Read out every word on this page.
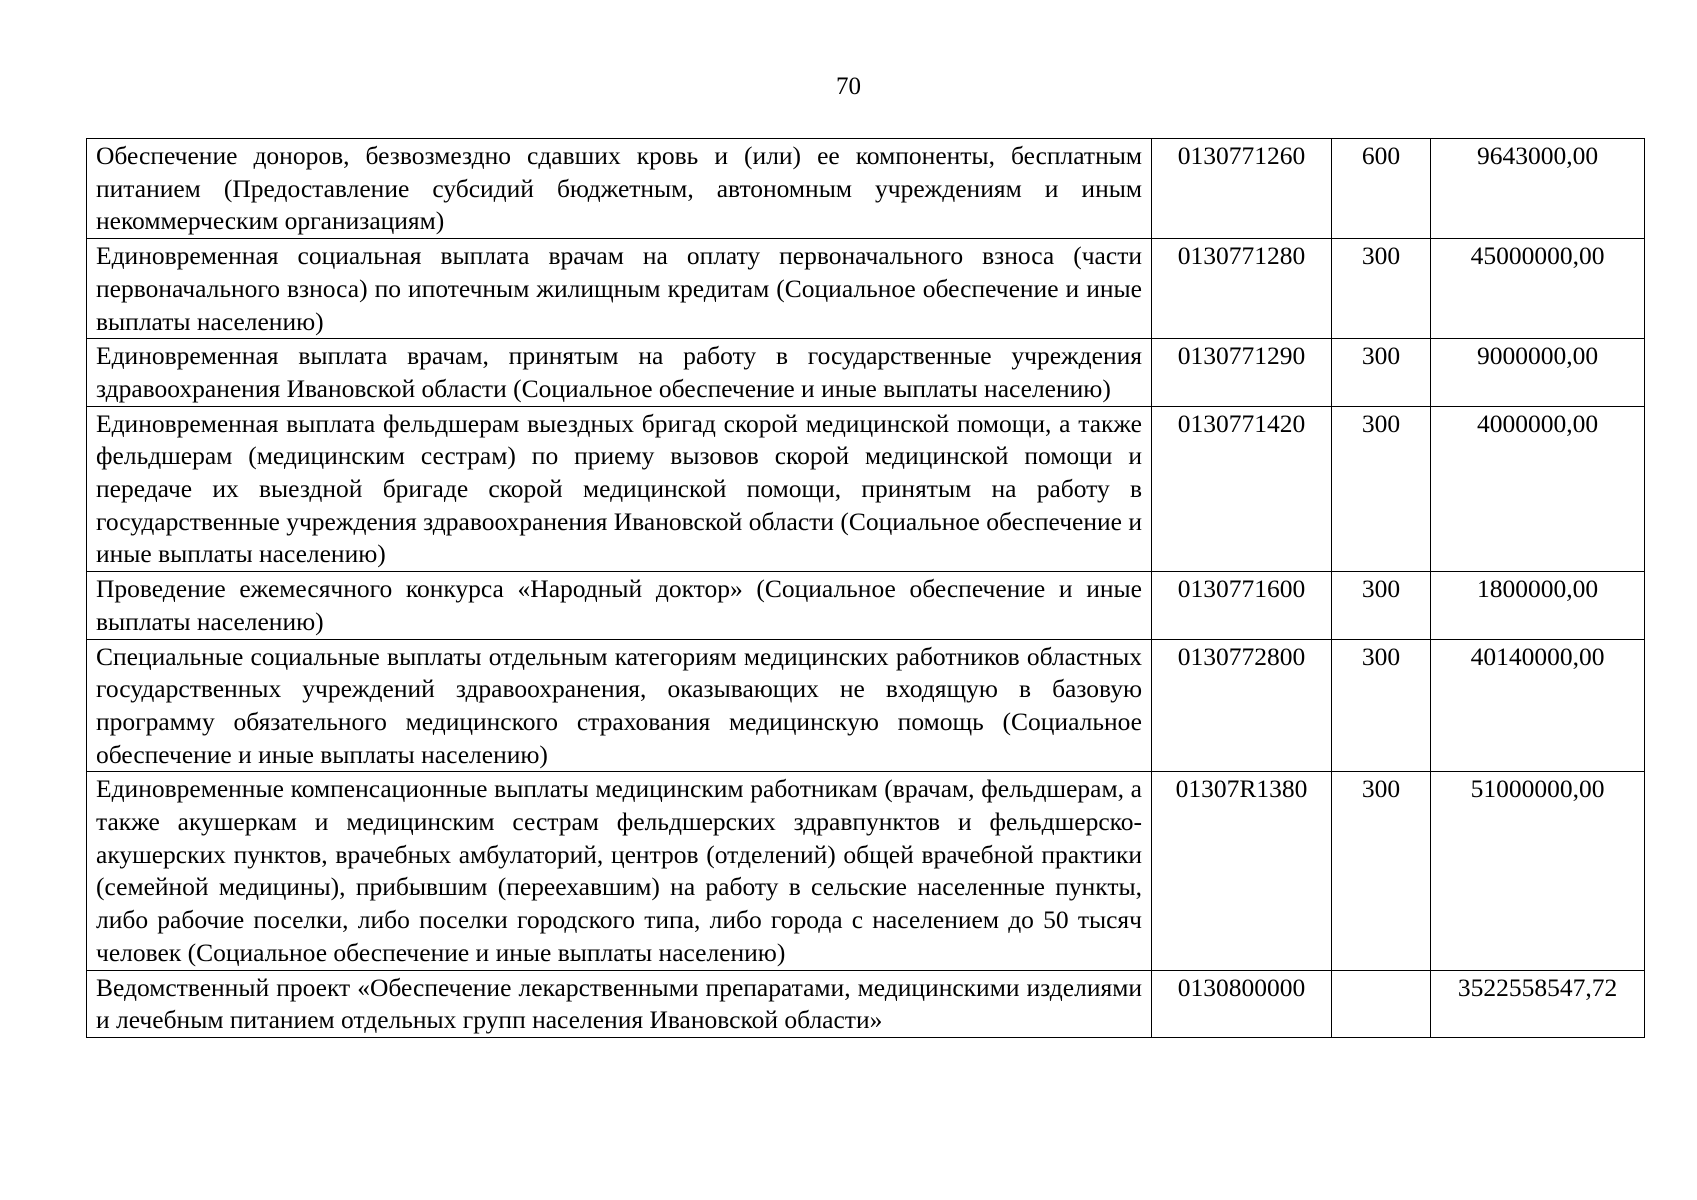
70
Обеспечение доноров, безвозмездно сдавших кровь и (или) ее компоненты, бесплатным питанием (Предоставление субсидий бюджетным, автономным учреждениям и иным некоммерческим организациям)	0130771260	600	9643000,00
Единовременная социальная выплата врачам на оплату первоначального взноса (части первоначального взноса) по ипотечным жилищным кредитам (Социальное обеспечение и иные выплаты населению)	0130771280	300	45000000,00
Единовременная выплата врачам, принятым на работу в государственные учреждения здравоохранения Ивановской области (Социальное обеспечение и иные выплаты населению)	0130771290	300	9000000,00
Единовременная выплата фельдшерам выездных бригад скорой медицинской помощи, а также фельдшерам (медицинским сестрам) по приему вызовов скорой медицинской помощи и передаче их выездной бригаде скорой медицинской помощи, принятым на работу в государственные учреждения здравоохранения Ивановской области (Социальное обеспечение и иные выплаты населению)	0130771420	300	4000000,00
Проведение ежемесячного конкурса «Народный доктор» (Социальное обеспечение и иные выплаты населению)	0130771600	300	1800000,00
Специальные социальные выплаты отдельным категориям медицинских работников областных государственных учреждений здравоохранения, оказывающих не входящую в базовую программу обязательного медицинского страхования медицинскую помощь (Социальное обеспечение и иные выплаты населению)	0130772800	300	40140000,00
Единовременные компенсационные выплаты медицинским работникам (врачам, фельдшерам, а также акушеркам и медицинским сестрам фельдшерских здравпунктов и фельдшерско-акушерских пунктов, врачебных амбулаторий, центров (отделений) общей врачебной практики (семейной медицины), прибывшим (переехавшим) на работу в сельские населенные пункты, либо рабочие поселки, либо поселки городского типа, либо города с населением до 50 тысяч человек (Социальное обеспечение и иные выплаты населению)	01307R1380	300	51000000,00
Ведомственный проект «Обеспечение лекарственными препаратами, медицинскими изделиями и лечебным питанием отдельных групп населения Ивановской области»	0130800000		3522558547,72
